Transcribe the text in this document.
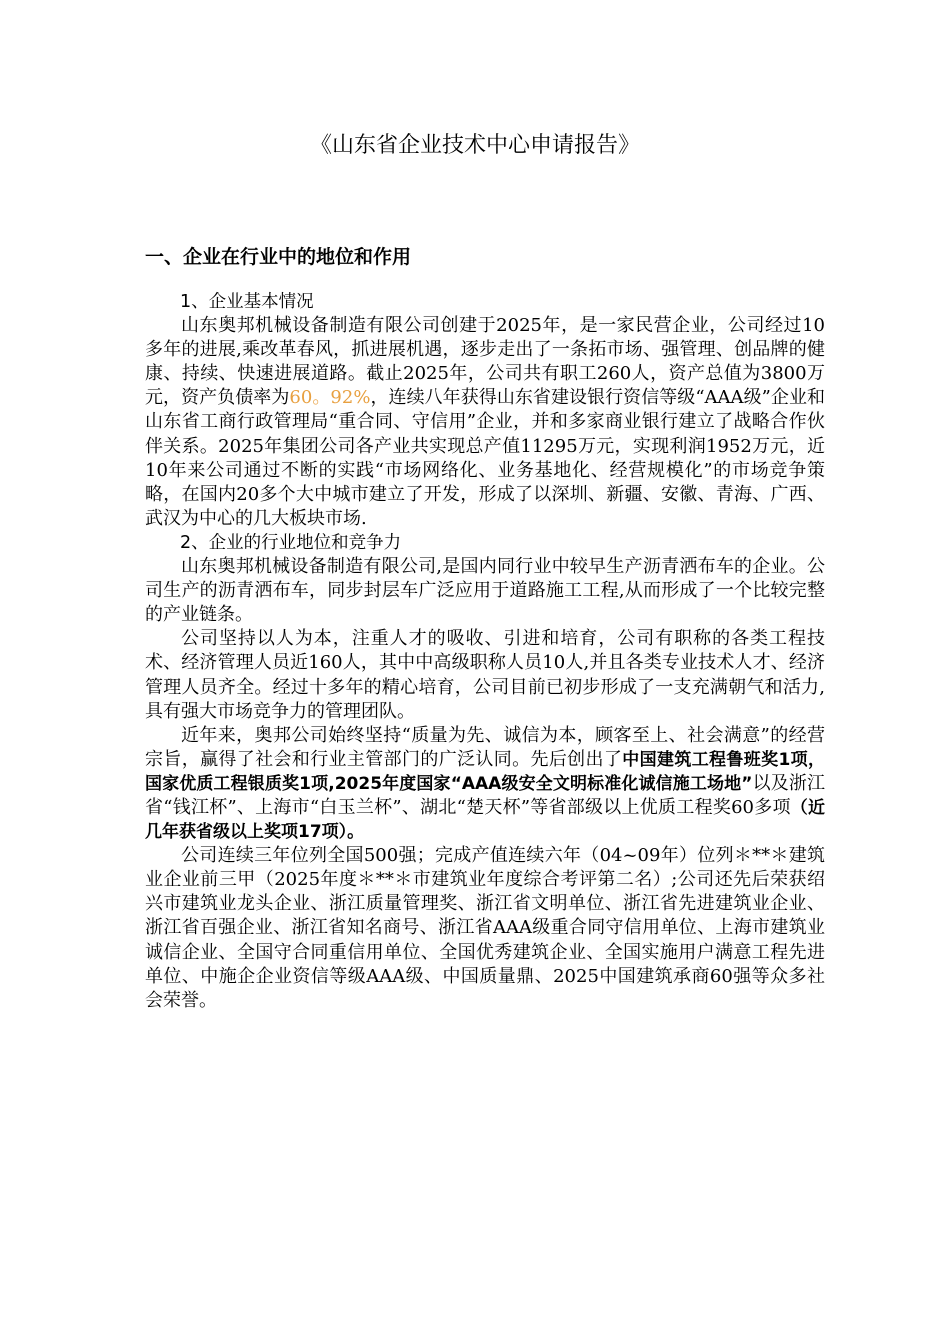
《山东省企业技术中心申请报告》
一、企业在行业中的地位和作用

1、企业基本情况

山东奥邦机械设备制造有限公司创建于2025年，是一家民营企业，公司经过10多年的进展,乘改革春风，抓进展机遇，逐步走出了一条拓市场、强管理、创品牌的健康、持续、快速进展道路。截止2025年，公司共有职工260人，资产总值为3800万元，资产负债率为60。92%，连续八年获得山东省建设银行资信等级“AAA级”企业和山东省工商行政管理局“重合同、守信用”企业，并和多家商业银行建立了战略合作伙伴关系。2025年集团公司各产业共实现总产值11295万元，实现利润1952万元，近10年来公司通过不断的实践“市场网络化、业务基地化、经营规模化”的市场竞争策略，在国内20多个大中城市建立了开发，形成了以深圳、新疆、安徽、青海、广西、武汉为中心的几大板块市场.

2、企业的行业地位和竞争力

山东奥邦机械设备制造有限公司,是国内同行业中较早生产沥青洒布车的企业。公司生产的沥青洒布车，同步封层车广泛应用于道路施工工程,从而形成了一个比较完整的产业链条。

公司坚持以人为本，注重人才的吸收、引进和培育，公司有职称的各类工程技术、经济管理人员近160人，其中中高级职称人员10人,并且各类专业技术人才、经济管理人员齐全。经过十多年的精心培育，公司目前已初步形成了一支充满朝气和活力,具有强大市场竞争力的管理团队。

近年来，奥邦公司始终坚持“质量为先、诚信为本，顾客至上、社会满意”的经营宗旨，赢得了社会和行业主管部门的广泛认同。先后创出了中国建筑工程鲁班奖1项，国家优质工程银质奖1项,2025年度国家“AAA级安全文明标准化诚信施工场地”以及浙江省“钱江杯”、上海市“白玉兰杯”、湖北“楚天杯”等省部级以上优质工程奖60多项（近几年获省级以上奖项17项）。

公司连续三年位列全国500强；完成产值连续六年（04~09年）位列＊**＊建筑业企业前三甲（2025年度＊**＊市建筑业年度综合考评第二名）;公司还先后荣获绍兴市建筑业龙头企业、浙江质量管理奖、浙江省文明单位、浙江省先进建筑业企业、浙江省百强企业、浙江省知名商号、浙江省AAA级重合同守信用单位、上海市建筑业诚信企业、全国守合同重信用单位、全国优秀建筑企业、全国实施用户满意工程先进单位、中施企企业资信等级AAA级、中国质量鼎、2025中国建筑承商60强等众多社会荣誉。
